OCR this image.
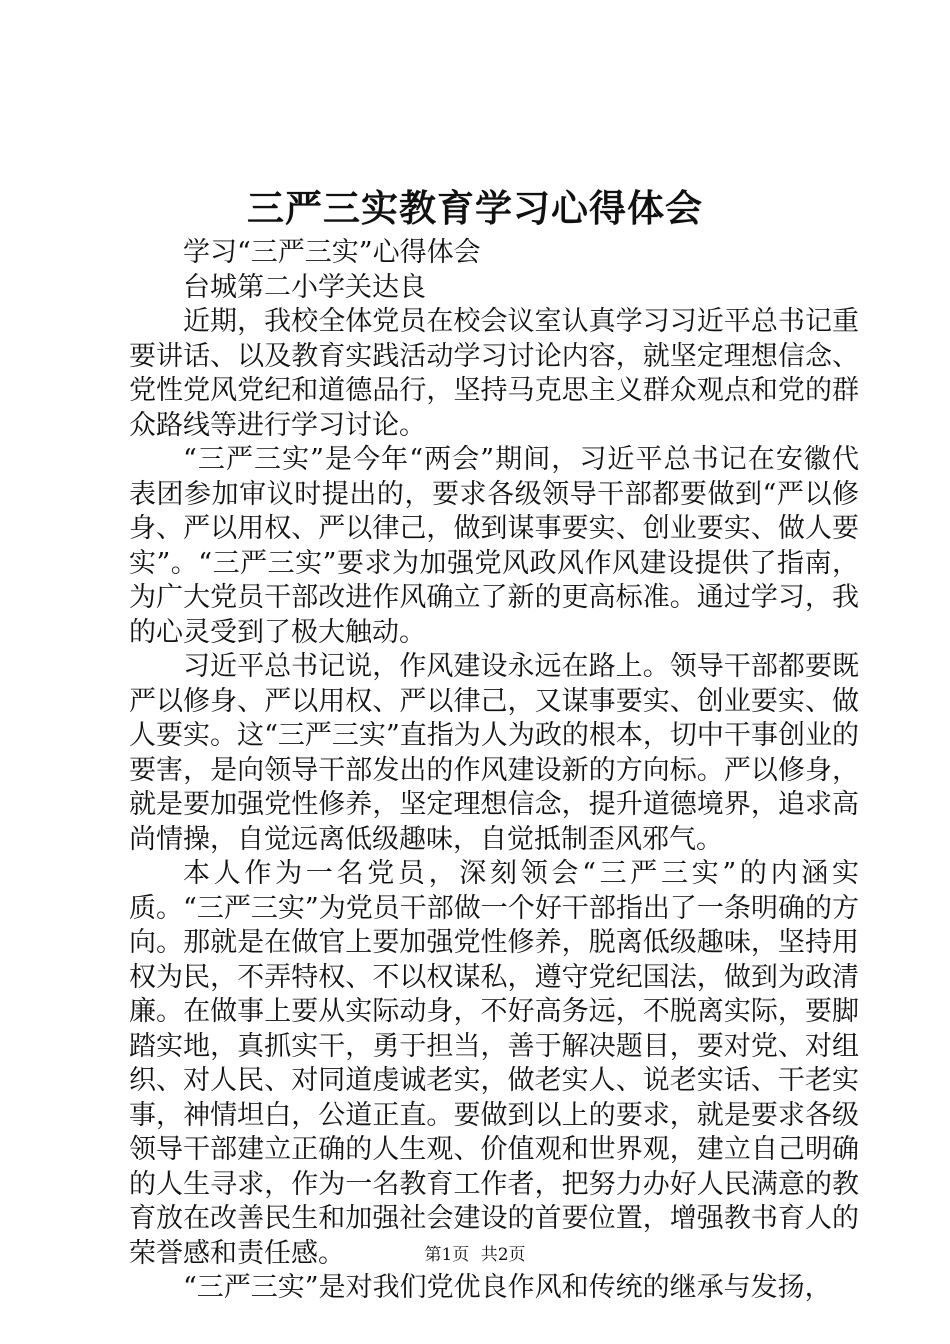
三严三实教育学习心得体会

学习“三严三实”心得体会

台城第二小学关达良

近期，我校全体党员在校会议室认真学习习近平总书记重要讲话、以及教育实践活动学习讨论内容，就坚定理想信念、党性党风党纪和道德品行，坚持马克思主义群众观点和党的群众路线等进行学习讨论。

“三严三实”是今年“两会”期间，习近平总书记在安徽代表团参加审议时提出的，要求各级领导干部都要做到“严以修身、严以用权、严以律己，做到谋事要实、创业要实、做人要实”。“三严三实”要求为加强党风政风作风建设提供了指南，为广大党员干部改进作风确立了新的更高标准。通过学习，我的心灵受到了极大触动。

习近平总书记说，作风建设永远在路上。领导干部都要既严以修身、严以用权、严以律己，又谋事要实、创业要实、做人要实。这“三严三实”直指为人为政的根本，切中干事创业的要害，是向领导干部发出的作风建设新的方向标。严以修身，就是要加强党性修养，坚定理想信念，提升道德境界，追求高尚情操，自觉远离低级趣味，自觉抵制歪风邪气。

本人作为一名党员，深刻领会“三严三实”的内涵实质。“三严三实”为党员干部做一个好干部指出了一条明确的方向。那就是在做官上要加强党性修养，脱离低级趣味，坚持用权为民，不弄特权、不以权谋私，遵守党纪国法，做到为政清廉。在做事上要从实际动身，不好高务远，不脱离实际，要脚踏实地，真抓实干，勇于担当，善于解决题目，要对党、对组织、对人民、对同道虔诚老实，做老实人、说老实话、干老实事，神情坦白，公道正直。要做到以上的要求，就是要求各级领导干部建立正确的人生观、价值观和世界观，建立自己明确的人生寻求，作为一名教育工作者，把努力办好人民满意的教育放在改善民生和加强社会建设的首要位置，增强教书育人的荣誉感和责任感。

“三严三实”是对我们党优良作风和传统的继承与发扬，

第1页 共2页
